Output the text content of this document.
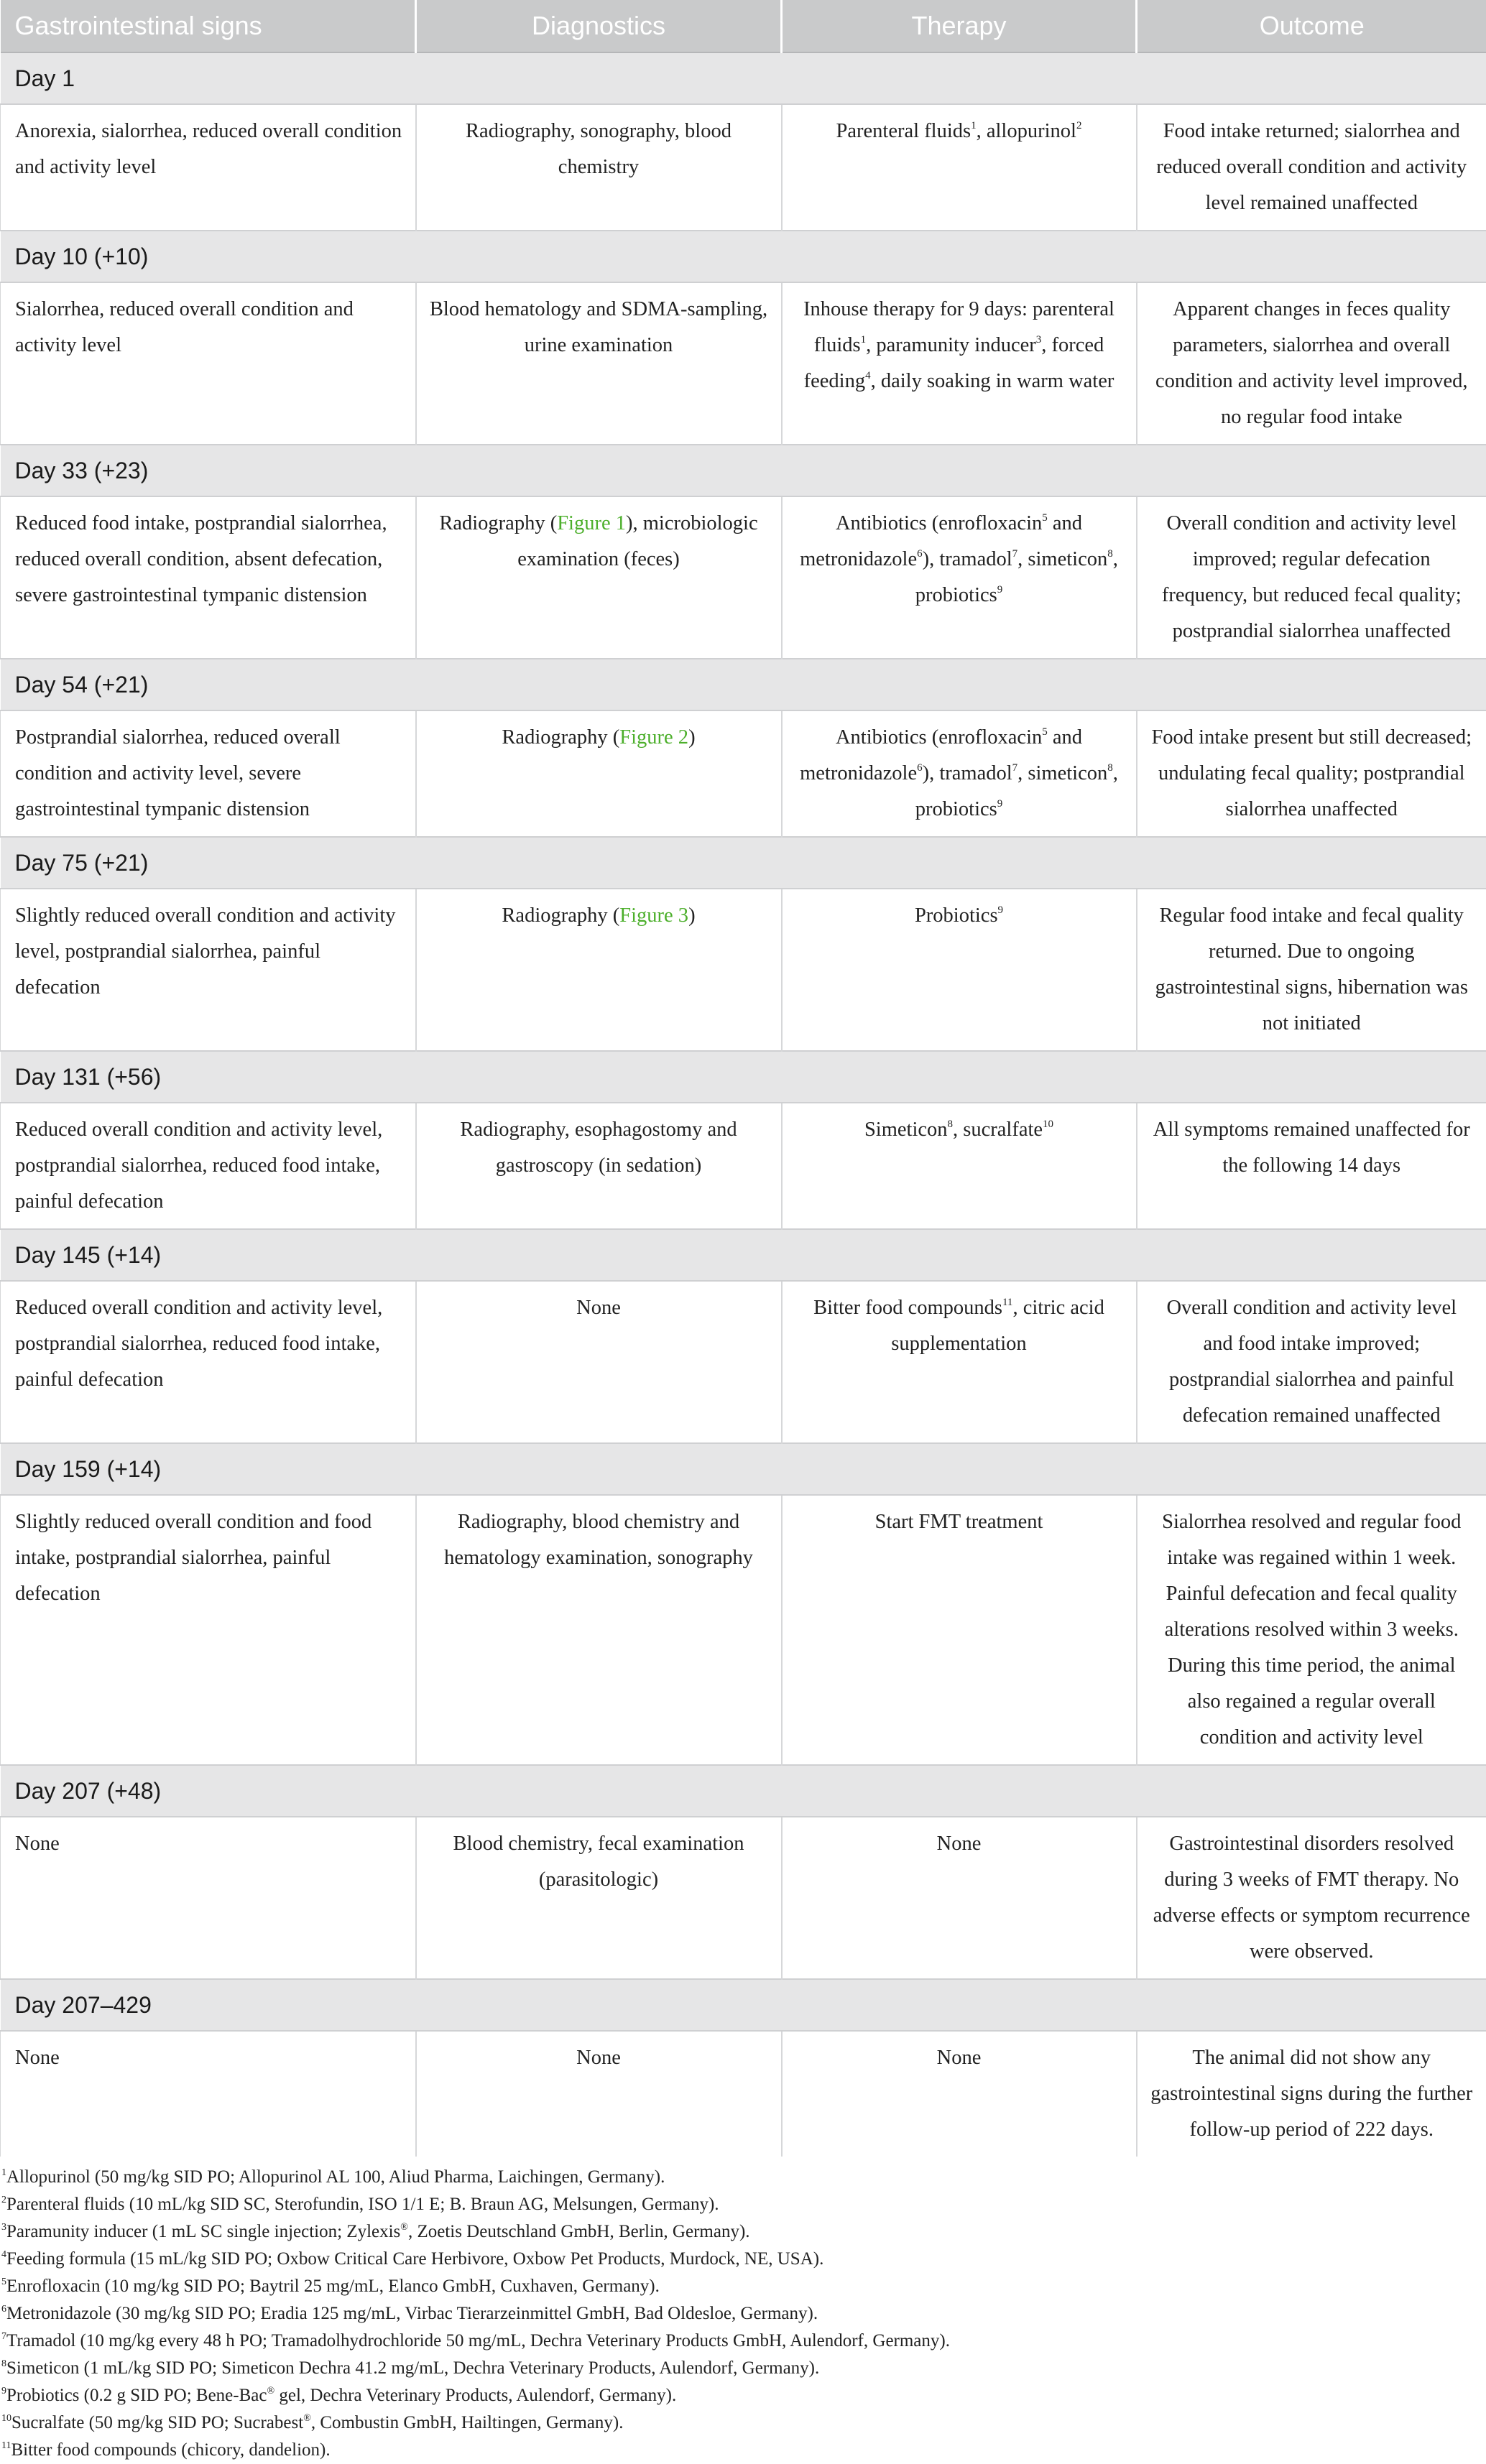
Gastrointestinal signs	Diagnostics	Therapy	Outcome
Day 1			
Anorexia, sialorrhea, reduced overall condition and activity level	Radiography, sonography, blood chemistry	Parenteral fluids$^1$, allopurinol$^2$	Food intake returned; sialorrhea and reduced overall condition and activity level remained unaffected
Day 10 (+10)			
Sialorrhea, reduced overall condition and activity level	Blood hematology and SDMA-sampling, urine examination	Inhouse therapy for 9 days: parenteral fluids$^1$, paramunity inducer$^3$, forced feeding$^4$, daily soaking in warm water	Apparent changes in feces quality parameters, sialorrhea and overall condition and activity level improved, no regular food intake
Day 33 (+23)			
Reduced food intake, postprandial sialorrhea, reduced overall condition, absent defecation, severe gastrointestinal tympanic distension	Radiography (Figure 1), microbiologic examination (feces)	Antibiotics (enrofloxacin$^5$ and metronidazole$^6$), tramadol$^7$, simeticon$^8$, probiotics$^9$	Overall condition and activity level improved; regular defecation frequency, but reduced fecal quality; postprandial sialorrhea unaffected
Day 54 (+21)			
Postprandial sialorrhea, reduced overall condition and activity level, severe gastrointestinal tympanic distension	Radiography (Figure 2)	Antibiotics (enrofloxacin$^5$ and metronidazole$^6$), tramadol$^7$, simeticon$^8$, probiotics$^9$	Food intake present but still decreased; undulating fecal quality; postprandial sialorrhea unaffected
Day 75 (+21)			
Slightly reduced overall condition and activity level, postprandial sialorrhea, painful defecation	Radiography (Figure 3)	Probiotics$^9$	Regular food intake and fecal quality returned. Due to ongoing gastrointestinal signs, hibernation was not initiated
Day 131 (+56)			
Reduced overall condition and activity level, postprandial sialorrhea, reduced food intake, painful defecation	Radiography, esophagostomy and gastroscopy (in sedation)	Simeticon$^8$, sucralfate$^{10}$	All symptoms remained unaffected for the following 14 days
Day 145 (+14)			
Reduced overall condition and activity level, postprandial sialorrhea, reduced food intake, painful defecation	None	Bitter food compounds$^{11}$, citric acid supplementation	Overall condition and activity level and food intake improved; postprandial sialorrhea and painful defecation remained unaffected
Day 159 (+14)			
Slightly reduced overall condition and food intake, postprandial sialorrhea, painful defecation	Radiography, blood chemistry and hematology examination, sonography	Start FMT treatment	Sialorrhea resolved and regular food intake was regained within 1 week. Painful defecation and fecal quality alterations resolved within 3 weeks. During this time period, the animal also regained a regular overall condition and activity level
Day 207 (+48)			
None	Blood chemistry, fecal examination (parasitologic)	None	Gastrointestinal disorders resolved during 3 weeks of FMT therapy. No adverse effects or symptom recurrence were observed.
Day 207–429			
None	None	None	The animal did not show any gastrointestinal signs during the further follow-up period of 222 days.
$^1$Allopurinol (50 mg/kg SID PO; Allopurinol AL 100, Aliud Pharma, Laichingen, Germany).
$^2$Parenteral fluids (10 mL/kg SID SC, Sterofundin, ISO 1/1 E; B. Braun AG, Melsungen, Germany).
$^3$Paramunity inducer (1 mL SC single injection; Zylexis®, Zoetis Deutschland GmbH, Berlin, Germany).
$^4$Feeding formula (15 mL/kg SID PO; Oxbow Critical Care Herbivore, Oxbow Pet Products, Murdock, NE, USA).
$^5$Enrofloxacin (10 mg/kg SID PO; Baytril 25 mg/mL, Elanco GmbH, Cuxhaven, Germany).
$^6$Metronidazole (30 mg/kg SID PO; Eradia 125 mg/mL, Virbac Tierarzeinmittel GmbH, Bad Oldesloe, Germany).
$^7$Tramadol (10 mg/kg every 48 h PO; Tramadolhydrochloride 50 mg/mL, Dechra Veterinary Products GmbH, Aulendorf, Germany).
$^8$Simeticon (1 mL/kg SID PO; Simeticon Dechra 41.2 mg/mL, Dechra Veterinary Products, Aulendorf, Germany).
$^9$Probiotics (0.2 g SID PO; Bene-Bac® gel, Dechra Veterinary Products, Aulendorf, Germany).
$^{10}$Sucralfate (50 mg/kg SID PO; Sucrabest®, Combustin GmbH, Hailtingen, Germany).
$^{11}$Bitter food compounds (chicory, dandelion).
